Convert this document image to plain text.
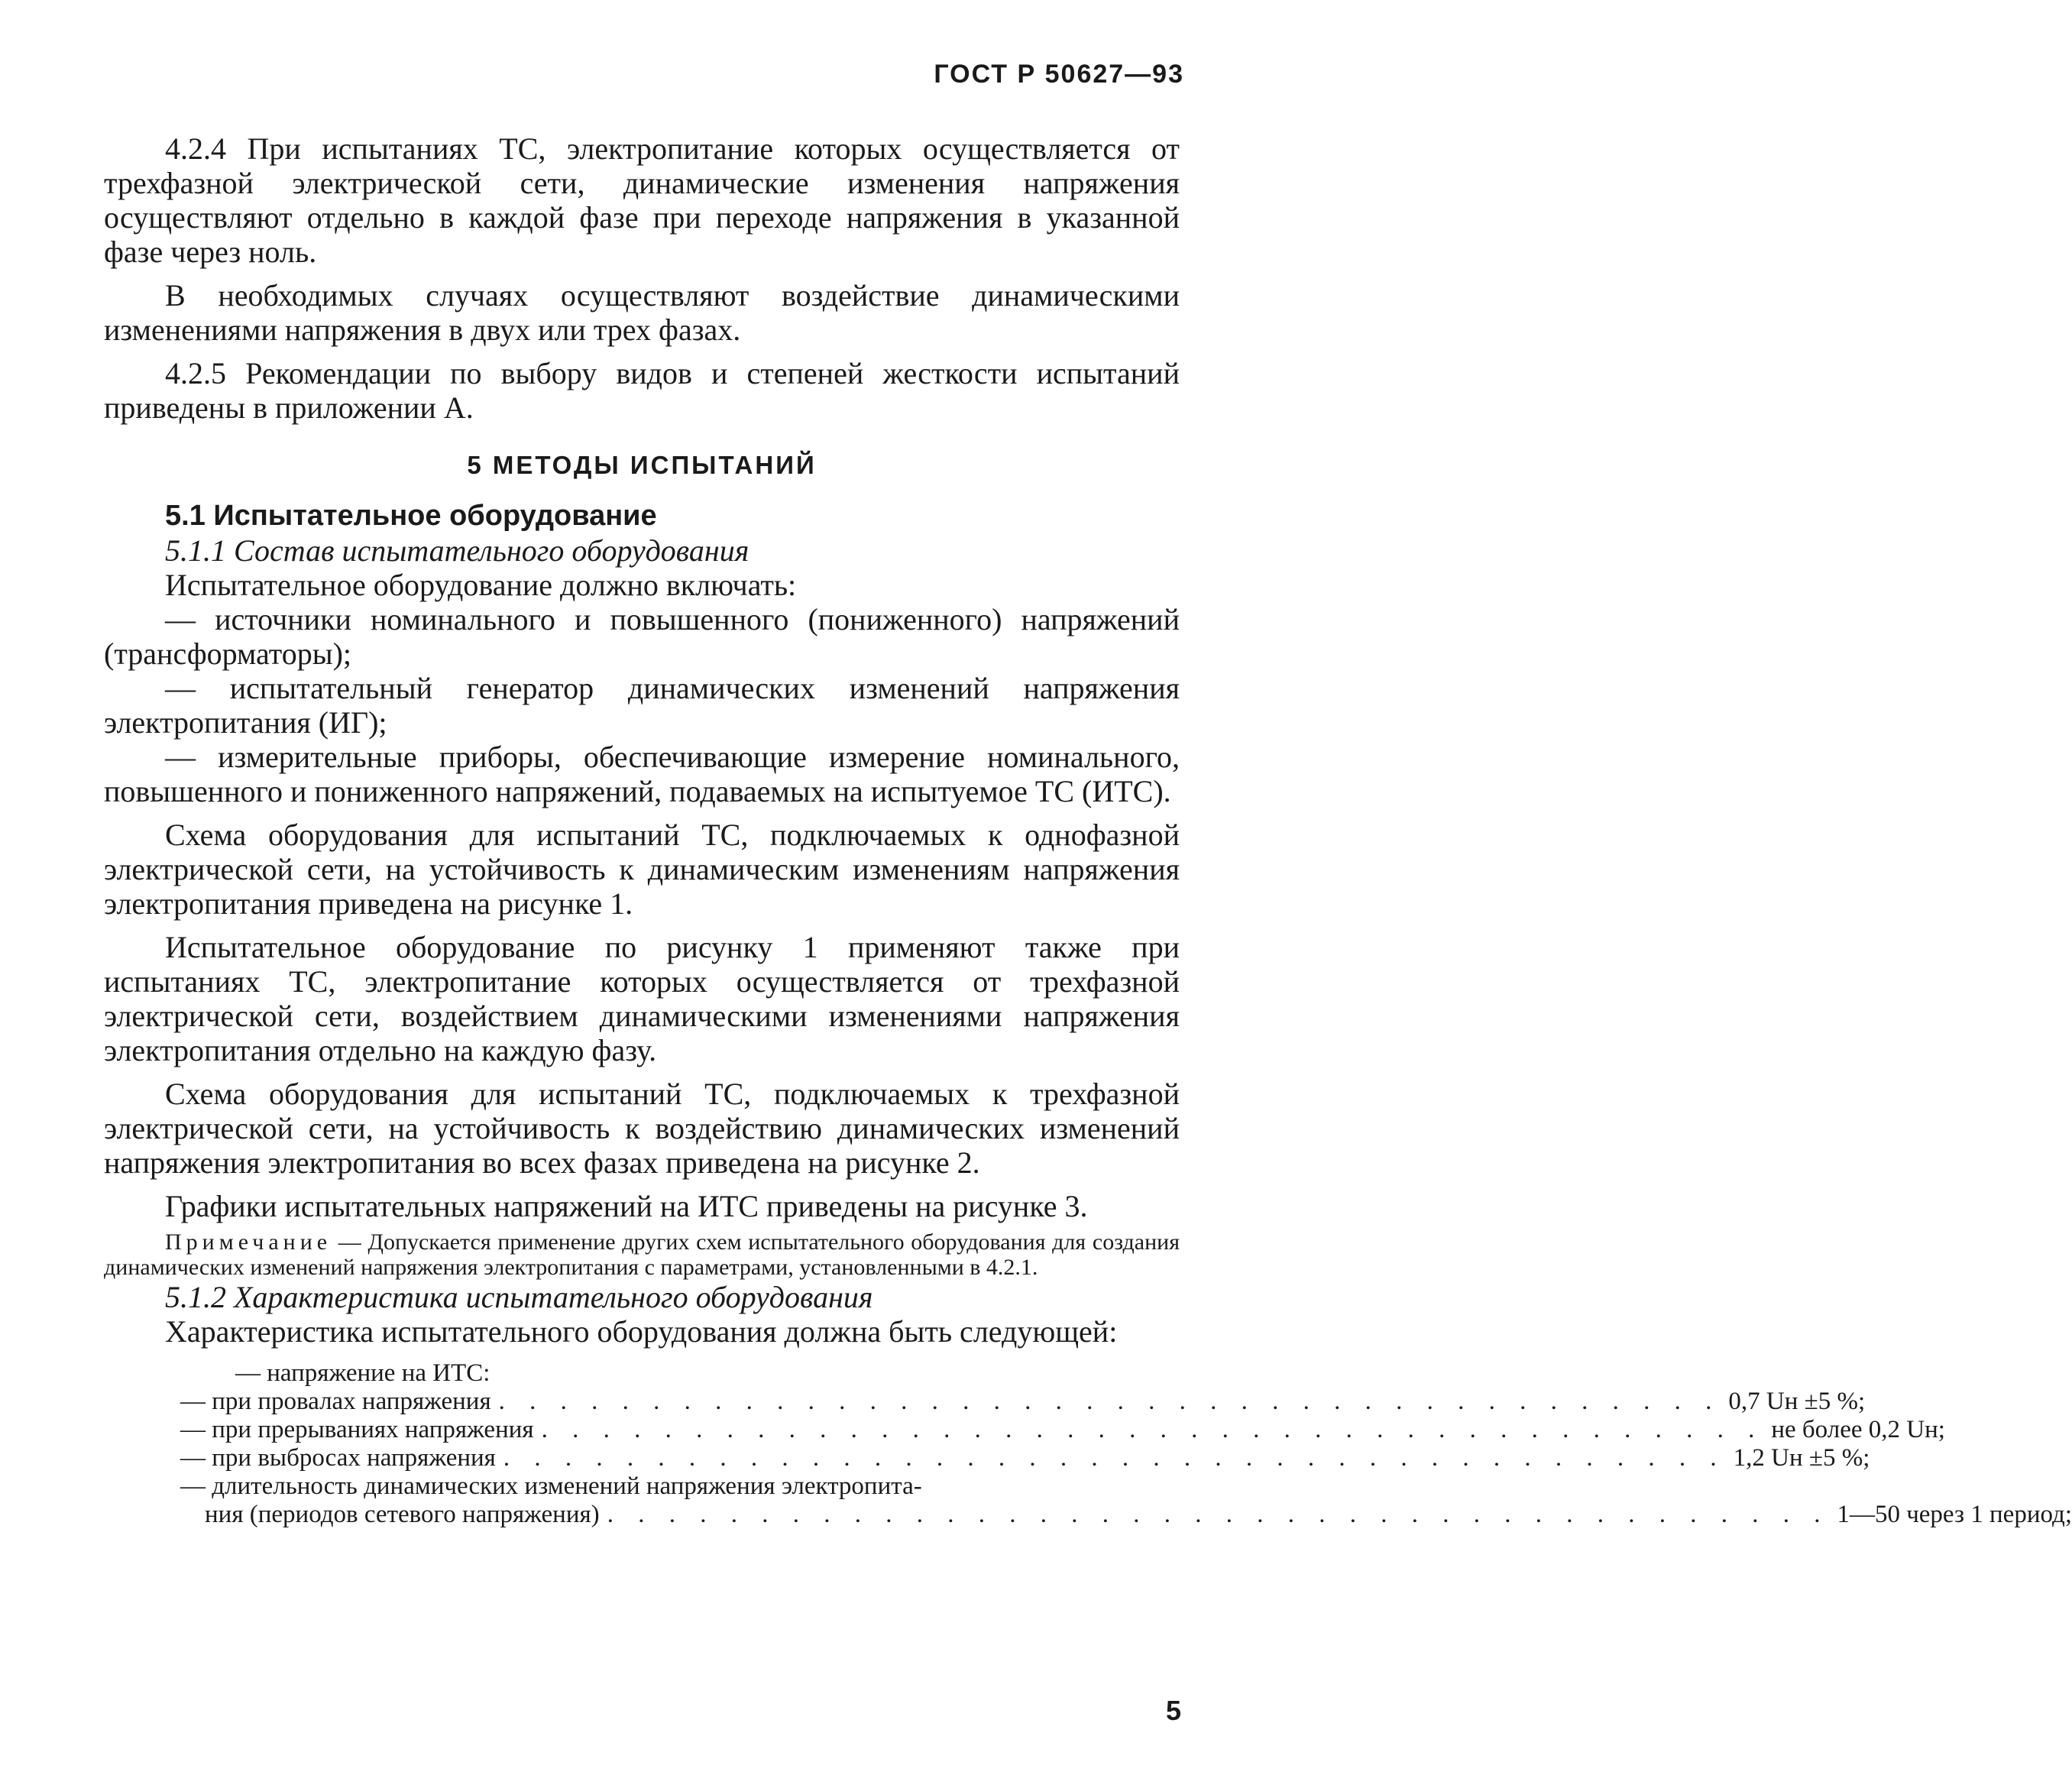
ГОСТ Р 50627—93

4.2.4 При испытаниях ТС, электропитание которых осуществляется от трехфазной электрической сети, динамические изменения напряжения осуществляют отдельно в каждой фазе при переходе напряжения в указанной фазе через ноль.

В необходимых случаях осуществляют воздействие динамическими изменениями напряжения в двух или трех фазах.

4.2.5 Рекомендации по выбору видов и степеней жесткости испытаний приведены в приложении А.

5 МЕТОДЫ ИСПЫТАНИЙ

5.1 Испытательное оборудование

5.1.1 Состав испытательного оборудования

Испытательное оборудование должно включать:

— источники номинального и повышенного (пониженного) напряжений (трансформаторы);

— испытательный генератор динамических изменений напряжения электропитания (ИГ);

— измерительные приборы, обеспечивающие измерение номинального, повышенного и пониженного напряжений, подаваемых на испытуемое ТС (ИТС).

Схема оборудования для испытаний ТС, подключаемых к однофазной электрической сети, на устойчивость к динамическим изменениям напряжения электропитания приведена на рисунке 1.

Испытательное оборудование по рисунку 1 применяют также при испытаниях ТС, электропитание которых осуществляется от трехфазной электрической сети, воздействием динамическими изменениями напряжения электропитания отдельно на каждую фазу.

Схема оборудования для испытаний ТС, подключаемых к трехфазной электрической сети, на устойчивость к воздействию динамических изменений напряжения электропитания во всех фазах приведена на рисунке 2.

Графики испытательных напряжений на ИТС приведены на рисунке 3.

Примечание — Допускается применение других схем испытательного оборудования для создания динамических изменений напряжения электропитания с параметрами, установленными в 4.2.1.

5.1.2 Характеристика испытательного оборудования

Характеристика испытательного оборудования должна быть следующей:

— напряжение на ИТС:
— при провалах напряжения . . . . . . . . . . . . . . . . . . . . . . . . . . . . . . . . . . . . . . . . 0,7 Uн ±5 %;
— при прерываниях напряжения . . . . . . . . . . . . . . . . . . . . . . . . . . . . . . . . . . . . . . . . не более 0,2 Uн;
— при выбросах напряжения . . . . . . . . . . . . . . . . . . . . . . . . . . . . . . . . . . . . . . . . 1,2 Uн ±5 %;
— длительность динамических изменений напряжения электропита-
ния (периодов сетевого напряжения) . . . . . . . . . . . . . . . . . . . . . . . . . . . . . . . . . . . . . . . . 1—50 через 1 период;
5
